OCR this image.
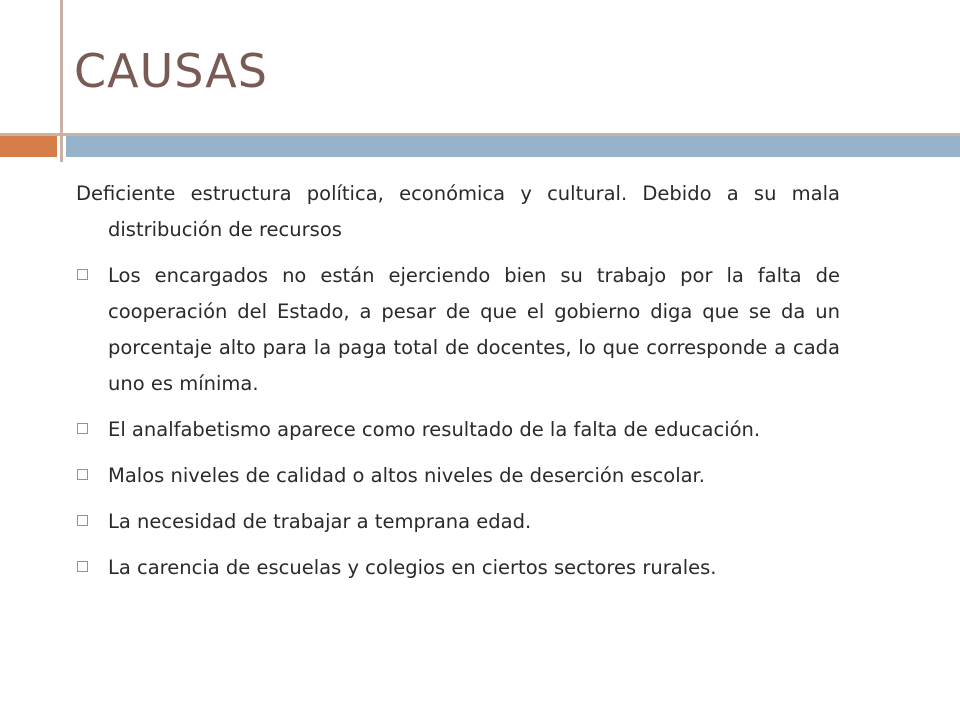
CAUSAS

Deficiente estructura política, económica y cultural. Debido a su mala distribución de recursos

Los encargados no están ejerciendo bien su trabajo por la falta de cooperación del Estado, a pesar de que el gobierno diga que se da un porcentaje alto para la paga total de docentes, lo que corresponde a cada uno es mínima.
El analfabetismo aparece como resultado de la falta de educación.
Malos niveles de calidad o altos niveles de deserción escolar.
La necesidad de trabajar a temprana edad.
La carencia de escuelas y colegios en ciertos sectores rurales.
